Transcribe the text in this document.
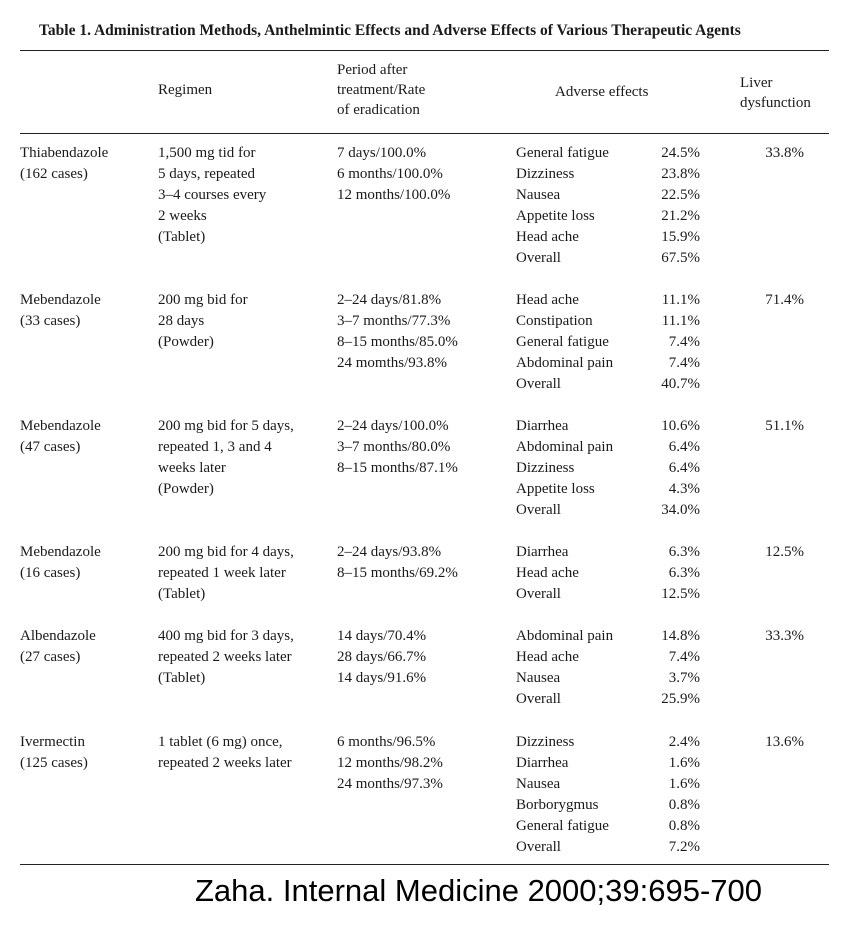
Table 1. Administration Methods, Anthelmintic Effects and Adverse Effects of Various Therapeutic Agents
Regimen
Period after
treatment/Rate
of eradication
Adverse effects
Liver
dysfunction
Thiabendazole
(162 cases)
1,500 mg tid for
5 days, repeated
3–4 courses every
2 weeks
(Tablet)
7 days/100.0%
6 months/100.0%
12 months/100.0%
General fatigue
Dizziness
Nausea
Appetite loss
Head ache
Overall
24.5%
23.8%
22.5%
21.2%
15.9%
67.5%
33.8%
Mebendazole
(33 cases)
200 mg bid for
28 days
(Powder)
2–24 days/81.8%
3–7 months/77.3%
8–15 months/85.0%
24 momths/93.8%
Head ache
Constipation
General fatigue
Abdominal pain
Overall
11.1%
11.1%
7.4%
7.4%
40.7%
71.4%
Mebendazole
(47 cases)
200 mg bid for 5 days,
repeated 1, 3 and 4
weeks later
(Powder)
2–24 days/100.0%
3–7 months/80.0%
8–15 months/87.1%
Diarrhea
Abdominal pain
Dizziness
Appetite loss
Overall
10.6%
6.4%
6.4%
4.3%
34.0%
51.1%
Mebendazole
(16 cases)
200 mg bid for 4 days,
repeated 1 week later
(Tablet)
2–24 days/93.8%
8–15 months/69.2%
Diarrhea
Head ache
Overall
6.3%
6.3%
12.5%
12.5%
Albendazole
(27 cases)
400 mg bid for 3 days,
repeated 2 weeks later
(Tablet)
14 days/70.4%
28 days/66.7%
14 days/91.6%
Abdominal pain
Head ache
Nausea
Overall
14.8%
7.4%
3.7%
25.9%
33.3%
Ivermectin
(125 cases)
1 tablet (6 mg) once,
repeated 2 weeks later
6 months/96.5%
12 months/98.2%
24 months/97.3%
Dizziness
Diarrhea
Nausea
Borborygmus
General fatigue
Overall
2.4%
1.6%
1.6%
0.8%
0.8%
7.2%
13.6%
Zaha. Internal Medicine 2000;39:695-700
